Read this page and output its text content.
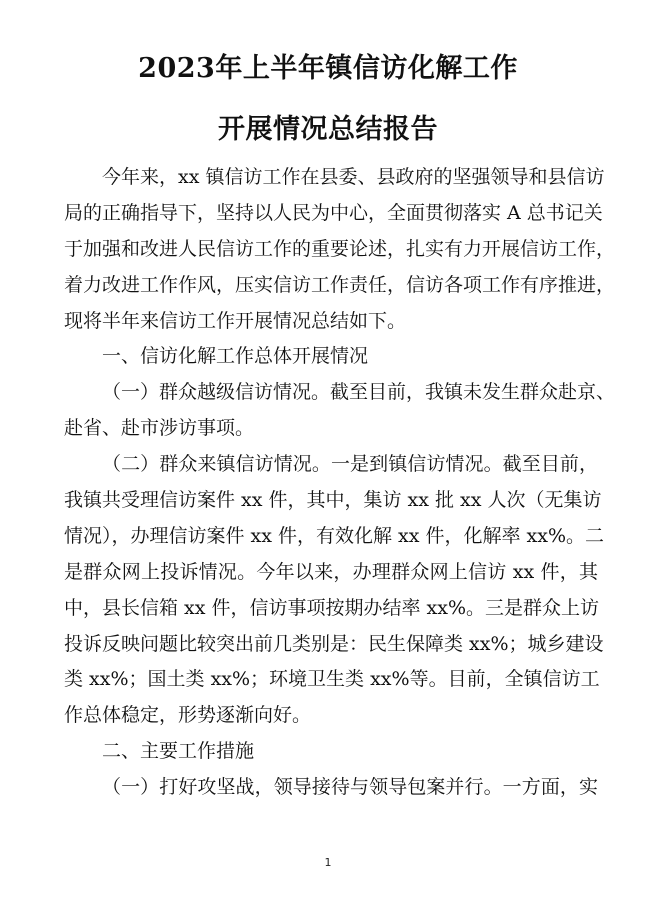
2023年上半年镇信访化解工作
开展情况总结报告
今年来，xx 镇信访工作在县委、县政府的坚强领导和县信访
局的正确指导下，坚持以人民为中心，全面贯彻落实 A 总书记关
于加强和改进人民信访工作的重要论述，扎实有力开展信访工作，
着力改进工作作风，压实信访工作责任，信访各项工作有序推进，
现将半年来信访工作开展情况总结如下。
一、信访化解工作总体开展情况
（一）群众越级信访情况。截至目前，我镇未发生群众赴京、
赴省、赴市涉访事项。
（二）群众来镇信访情况。一是到镇信访情况。截至目前，
我镇共受理信访案件 xx 件，其中，集访 xx 批 xx 人次（无集访
情况），办理信访案件 xx 件，有效化解 xx 件，化解率 xx%。二
是群众网上投诉情况。今年以来，办理群众网上信访 xx 件，其
中，县长信箱 xx 件，信访事项按期办结率 xx%。三是群众上访
投诉反映问题比较突出前几类别是：民生保障类 xx%；城乡建设
类 xx%；国土类 xx%；环境卫生类 xx%等。目前，全镇信访工
作总体稳定，形势逐渐向好。
二、主要工作措施
（一）打好攻坚战，领导接待与领导包案并行。一方面，实
1
